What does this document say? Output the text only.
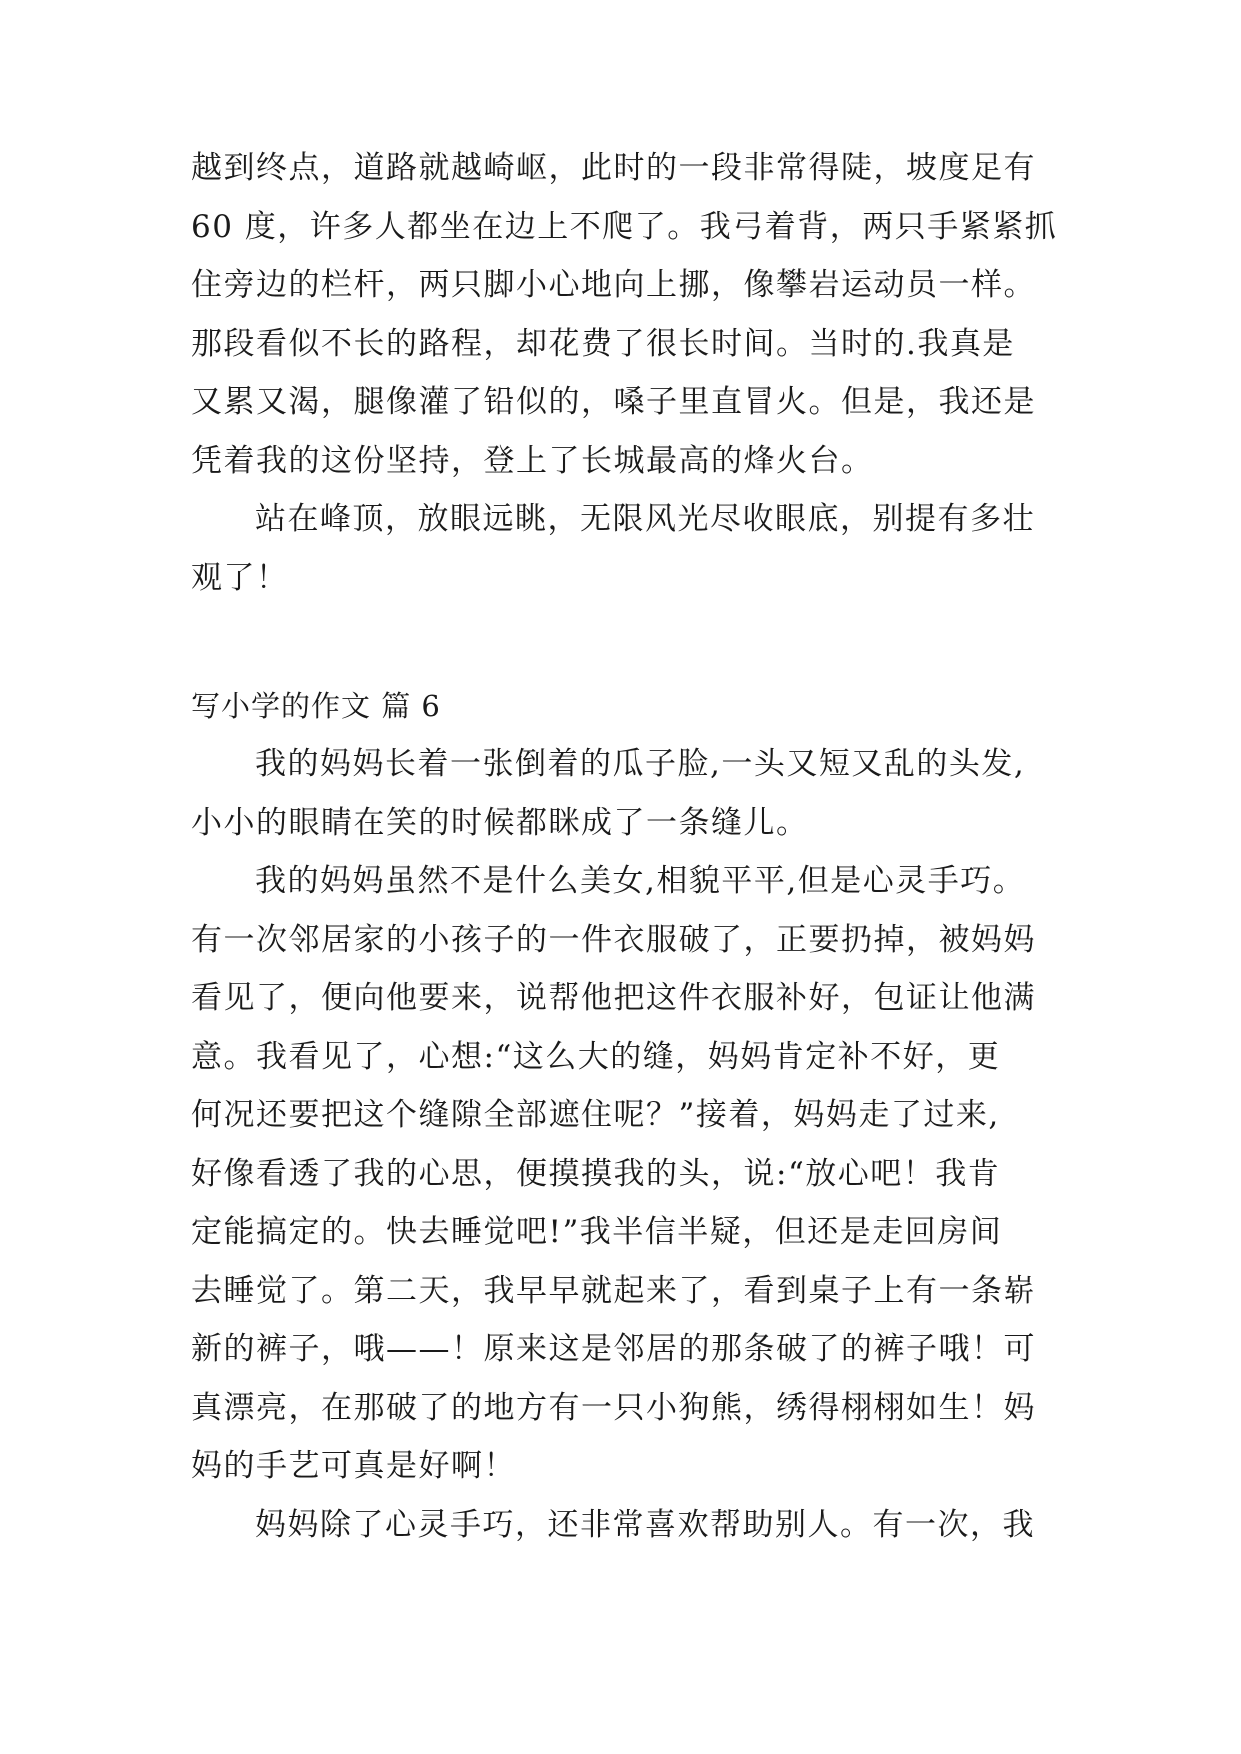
越到终点，道路就越崎岖，此时的一段非常得陡，坡度足有
60 度，许多人都坐在边上不爬了。我弓着背，两只手紧紧抓
住旁边的栏杆，两只脚小心地向上挪，像攀岩运动员一样。
那段看似不长的路程，却花费了很长时间。当时的.我真是
又累又渴，腿像灌了铅似的，嗓子里直冒火。但是，我还是
凭着我的这份坚持，登上了长城最高的烽火台。
站在峰顶，放眼远眺，无限风光尽收眼底，别提有多壮
观了！
写小学的作文 篇 6
我的妈妈长着一张倒着的瓜子脸,一头又短又乱的头发,
小小的眼睛在笑的时候都眯成了一条缝儿。
我的妈妈虽然不是什么美女,相貌平平,但是心灵手巧。
有一次邻居家的小孩子的一件衣服破了，正要扔掉，被妈妈
看见了，便向他要来，说帮他把这件衣服补好，包证让他满
意。我看见了，心想:“这么大的缝，妈妈肯定补不好，更
何况还要把这个缝隙全部遮住呢？”接着，妈妈走了过来,
好像看透了我的心思，便摸摸我的头，说:“放心吧！我肯
定能搞定的。快去睡觉吧!”我半信半疑，但还是走回房间
去睡觉了。第二天，我早早就起来了，看到桌子上有一条崭
新的裤子，哦——！原来这是邻居的那条破了的裤子哦！可
真漂亮，在那破了的地方有一只小狗熊，绣得栩栩如生！妈
妈的手艺可真是好啊！
妈妈除了心灵手巧，还非常喜欢帮助别人。有一次，我
